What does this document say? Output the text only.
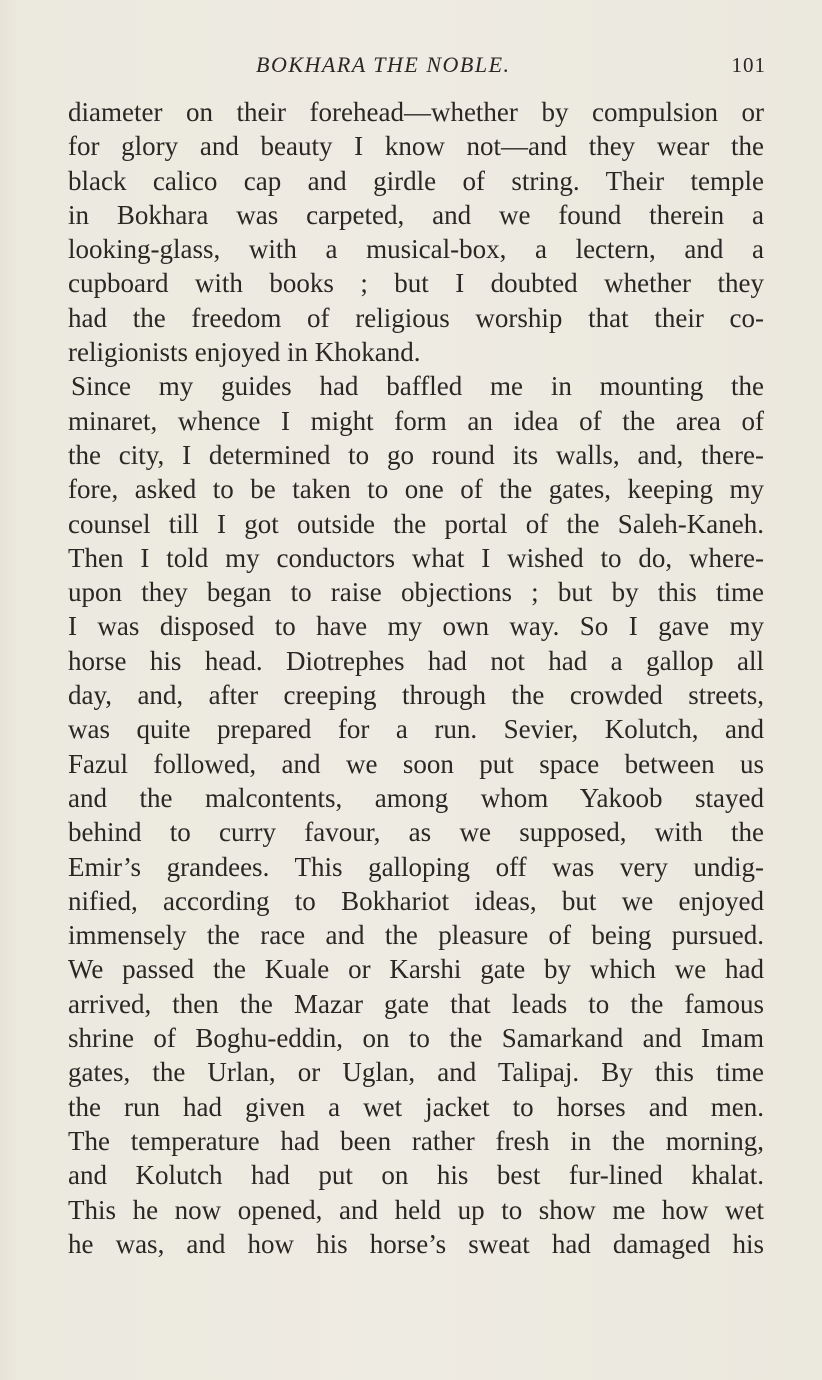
BOKHARA THE NOBLE.	101
diameter on their forehead—whether by compulsion or
for glory and beauty I know not—and they wear the
black calico cap and girdle of string. Their temple
in Bokhara was carpeted, and we found therein a
looking-glass, with a musical-box, a lectern, and a
cupboard with books ; but I doubted whether they
had the freedom of religious worship that their co-
religionists enjoyed in Khokand.
Since my guides had baffled me in mounting the
minaret, whence I might form an idea of the area of
the city, I determined to go round its walls, and, there-
fore, asked to be taken to one of the gates, keeping my
counsel till I got outside the portal of the Saleh-Kaneh.
Then I told my conductors what I wished to do, where-
upon they began to raise objections ; but by this time
I was disposed to have my own way. So I gave my
horse his head. Diotrephes had not had a gallop all
day, and, after creeping through the crowded streets,
was quite prepared for a run. Sevier, Kolutch, and
Fazul followed, and we soon put space between us
and the malcontents, among whom Yakoob stayed
behind to curry favour, as we supposed, with the
Emir’s grandees. This galloping off was very undig-
nified, according to Bokhariot ideas, but we enjoyed
immensely the race and the pleasure of being pursued.
We passed the Kuale or Karshi gate by which we had
arrived, then the Mazar gate that leads to the famous
shrine of Boghu-eddin, on to the Samarkand and Imam
gates, the Urlan, or Uglan, and Talipaj. By this time
the run had given a wet jacket to horses and men.
The temperature had been rather fresh in the morning,
and Kolutch had put on his best fur-lined khalat.
This he now opened, and held up to show me how wet
he was, and how his horse’s sweat had damaged his
